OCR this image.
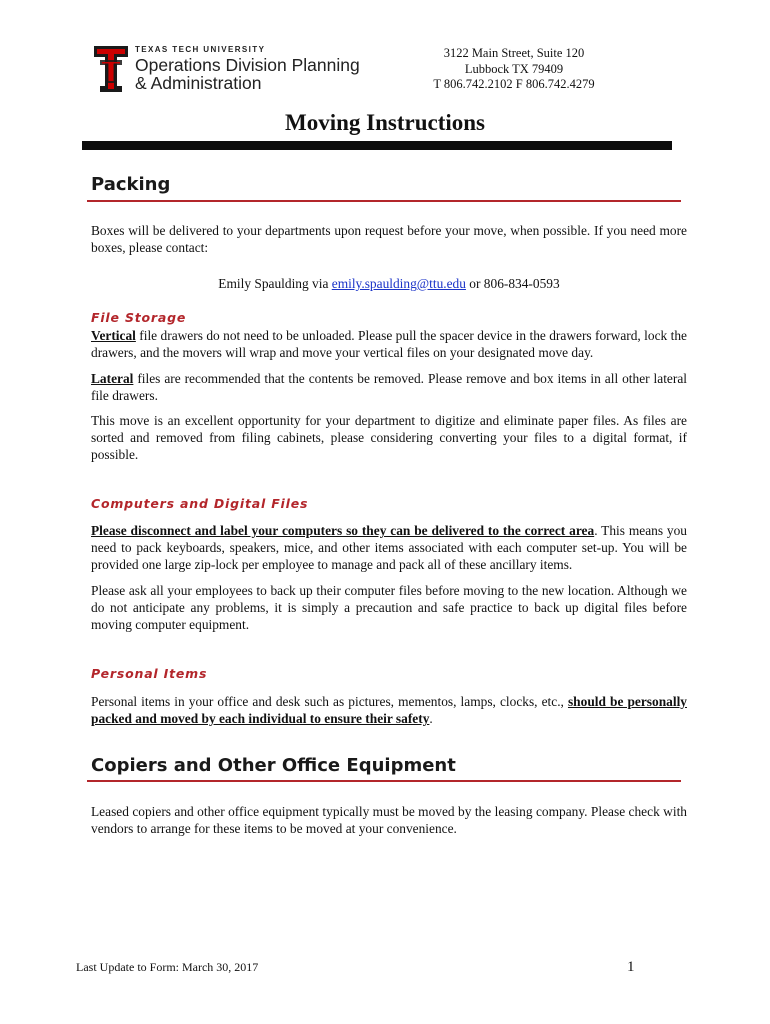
TEXAS TECH UNIVERSITY
Operations Division Planning
& Administration
3122 Main Street, Suite 120
Lubbock TX 79409
T 806.742.2102 F 806.742.4279
Moving Instructions
Packing
Boxes will be delivered to your departments upon request before your move, when possible. If you need more boxes, please contact:
Emily Spaulding via emily.spaulding@ttu.edu or 806-834-0593
File Storage
Vertical file drawers do not need to be unloaded. Please pull the spacer device in the drawers forward, lock the drawers, and the movers will wrap and move your vertical files on your designated move day.
Lateral files are recommended that the contents be removed. Please remove and box items in all other lateral file drawers.
This move is an excellent opportunity for your department to digitize and eliminate paper files. As files are sorted and removed from filing cabinets, please considering converting your files to a digital format, if possible.
Computers and Digital Files
Please disconnect and label your computers so they can be delivered to the correct area. This means you need to pack keyboards, speakers, mice, and other items associated with each computer set-up. You will be provided one large zip-lock per employee to manage and pack all of these ancillary items.
Please ask all your employees to back up their computer files before moving to the new location. Although we do not anticipate any problems, it is simply a precaution and safe practice to back up digital files before moving computer equipment.
Personal Items
Personal items in your office and desk such as pictures, mementos, lamps, clocks, etc., should be personally packed and moved by each individual to ensure their safety.
Copiers and Other Office Equipment
Leased copiers and other office equipment typically must be moved by the leasing company. Please check with vendors to arrange for these items to be moved at your convenience.
Last Update to Form: March 30, 2017	1
